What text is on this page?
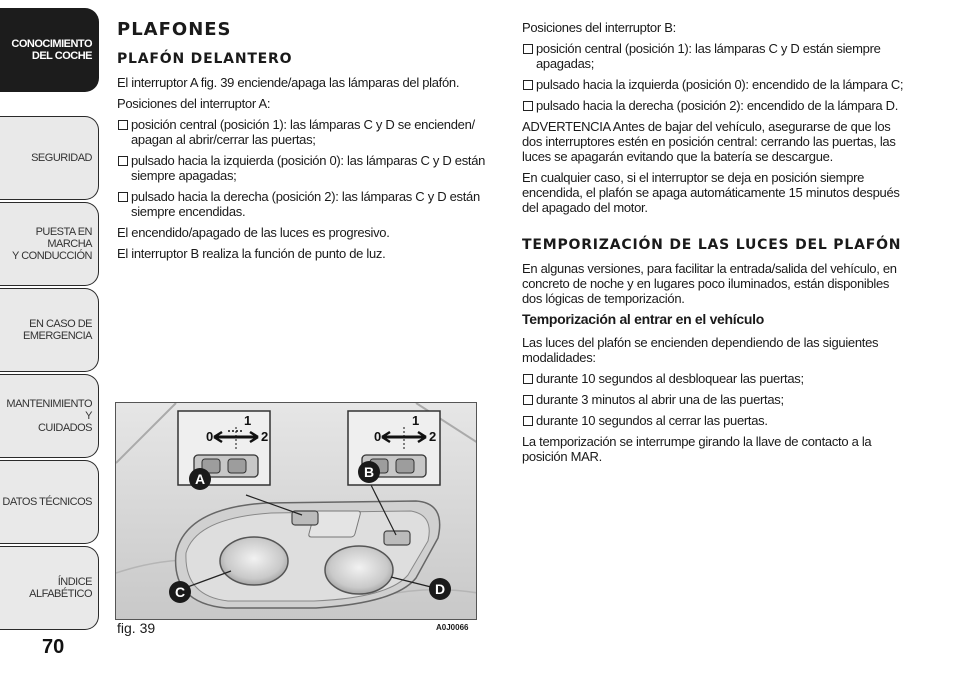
CONOCIMIENTO
DEL COCHE
SEGURIDAD
PUESTA EN MARCHA
Y CONDUCCIÓN
EN CASO DE
EMERGENCIA
MANTENIMIENTO Y
CUIDADOS
DATOS TÉCNICOS
ÍNDICE ALFABÉTICO
70
PLAFONES
PLAFÓN DELANTERO

El interruptor A fig. 39 enciende/apaga las lámparas del plafón.

Posiciones del interruptor A:

posición central (posición 1): las lámparas C y D se encienden/ apagan al abrir/cerrar las puertas;
pulsado hacia la izquierda (posición 0): las lámparas C y D están siempre apagadas;
pulsado hacia la derecha (posición 2): las lámparas C y D están siempre encendidas.

El encendido/apagado de las luces es progresivo.

El interruptor B realiza la función de punto de luz.

0
1
2	0
1
2
A	B
C	D
fig. 39	A0J0066

Posiciones del interruptor B:

posición central (posición 1): las lámparas C y D están siempre apagadas;
pulsado hacia la izquierda (posición 0): encendido de la lámpara C;
pulsado hacia la derecha (posición 2): encendido de la lámpara D.

ADVERTENCIA Antes de bajar del vehículo, asegurarse de que los dos interruptores estén en posición central: cerrando las puertas, las luces se apagarán evitando que la batería se descargue.

En cualquier caso, si el interruptor se deja en posición siempre encendida, el plafón se apaga automáticamente 15 minutos después del apagado del motor.

TEMPORIZACIÓN DE LAS LUCES DEL PLAFÓN

En algunas versiones, para facilitar la entrada/salida del vehículo, en concreto de noche y en lugares poco iluminados, están disponibles dos lógicas de temporización.

Temporización al entrar en el vehículo

Las luces del plafón se encienden dependiendo de las siguientes modalidades:

durante 10 segundos al desbloquear las puertas;
durante 3 minutos al abrir una de las puertas;
durante 10 segundos al cerrar las puertas.

La temporización se interrumpe girando la llave de contacto a la posición MAR.
